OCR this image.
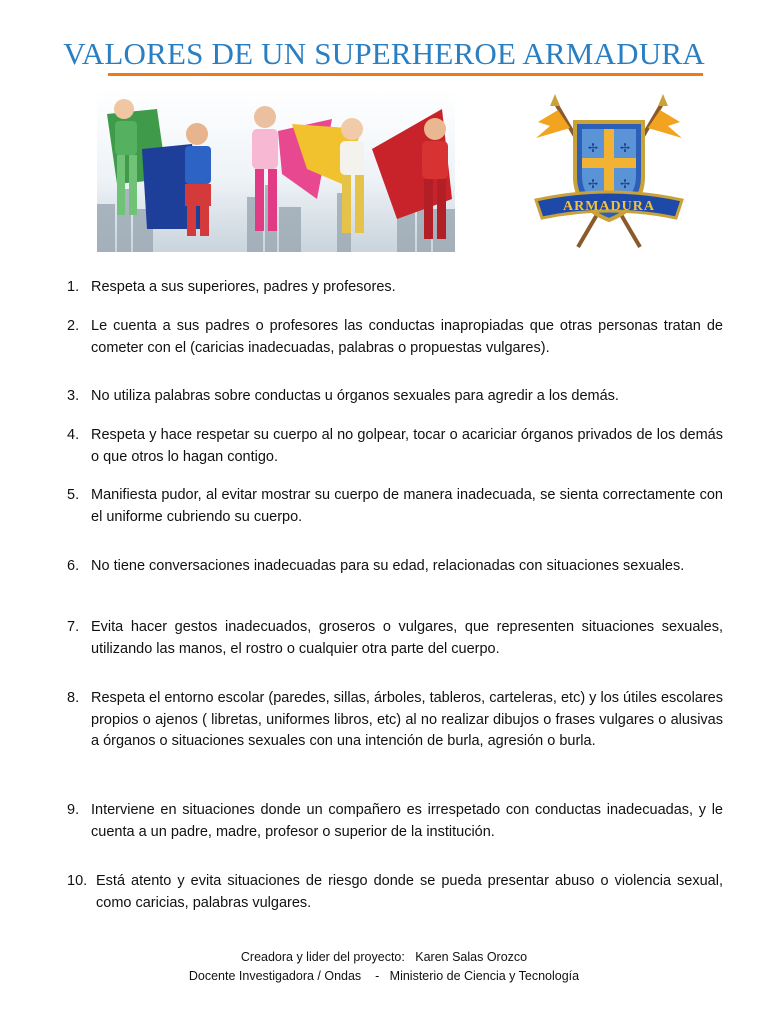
VALORES DE UN SUPERHEROE ARMADURA
✢ ✢
✢ ✢
ARMADURA
1. Respeta a sus superiores, padres y profesores.
2. Le cuenta a sus padres o profesores las conductas inapropiadas que otras personas tratan de cometer con el (caricias inadecuadas, palabras o propuestas vulgares).
3. No utiliza palabras sobre conductas u órganos sexuales para agredir a los demás.
4. Respeta y hace respetar su cuerpo al no golpear, tocar o acariciar órganos privados de los demás o que otros lo hagan contigo.
5. Manifiesta pudor, al evitar mostrar su cuerpo de manera inadecuada, se sienta correctamente con el uniforme cubriendo su cuerpo.
6. No tiene conversaciones inadecuadas para su edad, relacionadas con situaciones sexuales.
7. Evita hacer gestos inadecuados, groseros o vulgares, que representen situaciones sexuales, utilizando las manos, el rostro o cualquier otra parte del cuerpo.
8. Respeta el entorno escolar (paredes, sillas, árboles, tableros, carteleras, etc) y los útiles escolares propios o ajenos ( libretas, uniformes libros, etc) al no realizar dibujos o frases vulgares o alusivas a órganos o situaciones sexuales con una intención de burla, agresión o burla.
9. Interviene en situaciones donde un compañero es irrespetado con conductas inadecuadas, y le cuenta a un padre, madre, profesor o superior de la institución.
10. Está atento y evita situaciones de riesgo donde se pueda presentar abuso o violencia sexual, como caricias, palabras vulgares.
Creadora y lider del proyecto:   Karen Salas Orozco
Docente Investigadora / Ondas    -   Ministerio de Ciencia y Tecnología
